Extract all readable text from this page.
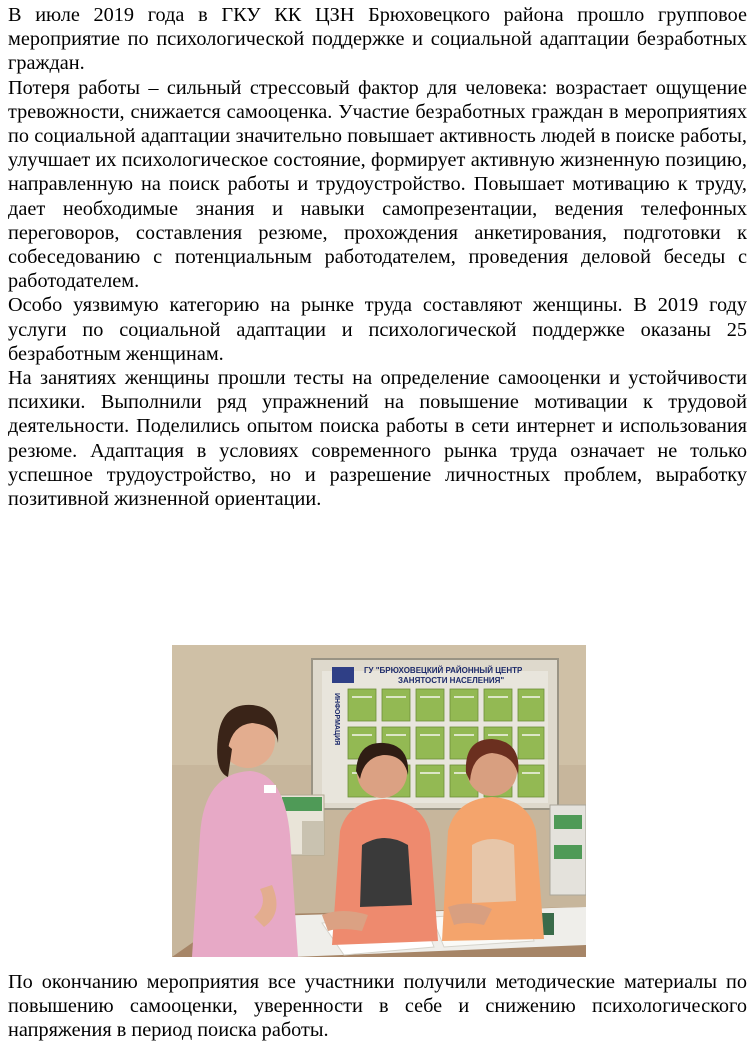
В июле 2019 года в ГКУ КК ЦЗН Брюховецкого района прошло групповое мероприятие по психологической поддержке и социальной адаптации безработных граждан.

Потеря работы – сильный стрессовый фактор для человека: возрастает ощущение тревожности, снижается самооценка. Участие безработных граждан в мероприятиях по социальной адаптации значительно повышает активность людей в поиске работы, улучшает их психологическое состояние, формирует активную жизненную позицию, направленную на поиск работы и трудоустройство. Повышает мотивацию к труду, дает необходимые знания и навыки самопрезентации, ведения телефонных переговоров, составления резюме, прохождения анкетирования, подготовки к собеседованию с потенциальным работодателем, проведения деловой беседы с работодателем.

Особо уязвимую категорию на рынке труда составляют женщины. В 2019 году услуги по социальной адаптации и психологической поддержке оказаны 25 безработным женщинам.

На занятиях женщины прошли тесты на определение самооценки и устойчивости психики. Выполнили ряд упражнений на повышение мотивации к трудовой деятельности. Поделились опытом поиска работы в сети интернет и использования резюме. Адаптация в условиях современного рынка труда означает не только успешное трудоустройство, но и разрешение личностных проблем, выработку позитивной жизненной ориентации.

ГУ "БРЮХОВЕЦКИЙ РАЙОННЫЙ ЦЕНТР
ЗАНЯТОСТИ НАСЕЛЕНИЯ"
ИНФОРМАЦИЯ

По окончанию мероприятия все участники получили методические материалы по повышению самооценки, уверенности в себе и снижению психологического напряжения в период поиска работы.
